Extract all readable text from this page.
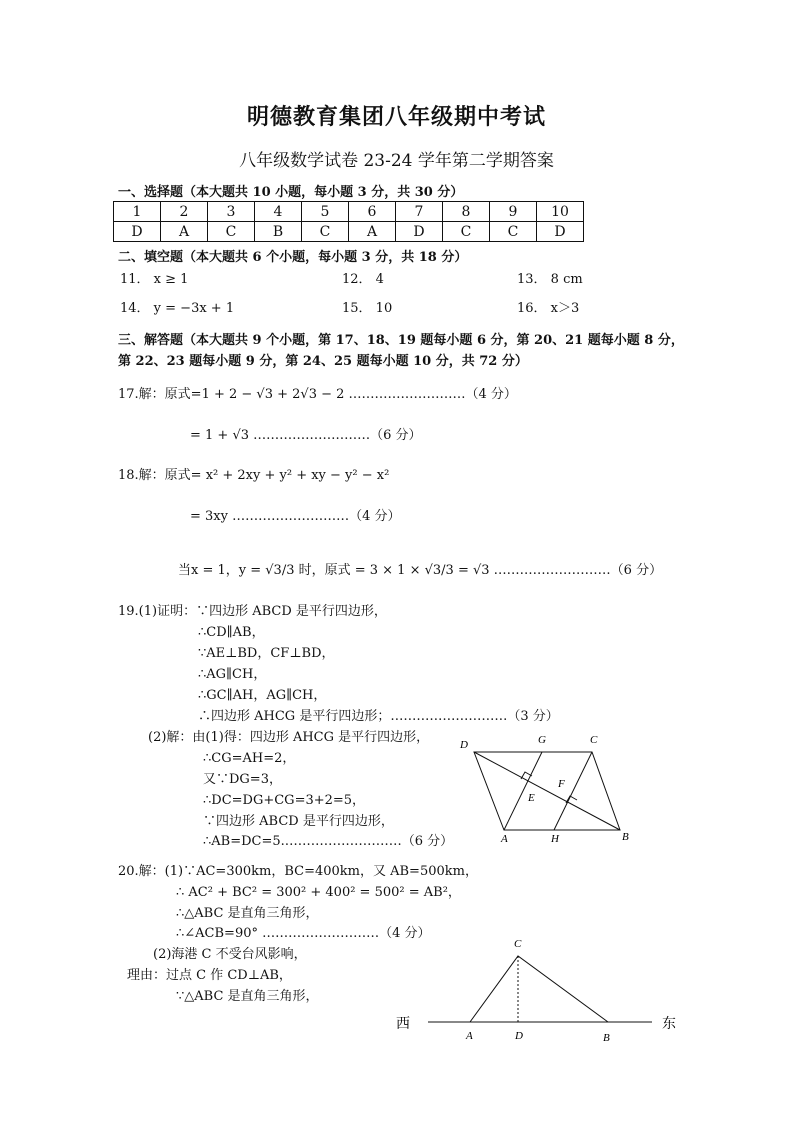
明德教育集团八年级期中考试
八年级数学试卷 23-24 学年第二学期答案
一、选择题（本大题共 10 小题，每小题 3 分，共 30 分）
1	2	3	4	5	6	7	8	9	10
D	A	C	B	C	A	D	C	C	D
二、填空题（本大题共 6 个小题，每小题 3 分，共 18 分）
11． x ≥ 1	12． 4	13． 8 cm
14． y = −3x + 1	15． 10	16． x＞3
三、解答题（本大题共 9 个小题，第 17、18、19 题每小题 6 分，第 20、21 题每小题 8 分，
第 22、23 题每小题 9 分，第 24、25 题每小题 10 分，共 72 分）
17.解：原式=1 + 2 − √3 + 2√3 − 2 ………………………（4 分）
= 1 + √3 ………………………（6 分）
18.解：原式= x² + 2xy + y² + xy − y² − x²
= 3xy ………………………（4 分）
当x = 1，y = √3/3 时，原式 = 3 × 1 × √3/3 = √3 ………………………（6 分）
19.(1)证明：∵四边形 ABCD 是平行四边形，
∴CD∥AB，
∵AE⊥BD，CF⊥BD，
∴AG∥CH，
∴GC∥AH，AG∥CH，
∴四边形 AHCG 是平行四边形；………………………（3 分）
(2)解：由(1)得：四边形 AHCG 是平行四边形，
∴CG=AH=2，
又∵DG=3，
∴DC=DG+CG=3+2=5，
∵四边形 ABCD 是平行四边形，
∴AB=DC=5.………………………（6 分）
D	G	C
F
E
A	H	B
20.解：(1)∵AC=300km，BC=400km，又 AB=500km，
∴ AC² + BC² = 300² + 400² = 500² = AB²，
∴△ABC 是直角三角形，
∴∠ACB=90° ………………………（4 分）
(2)海港 C 不受台风影响，
理由：过点 C 作 CD⊥AB，
∵△ABC 是直角三角形，
C
A	D	B
西	东
